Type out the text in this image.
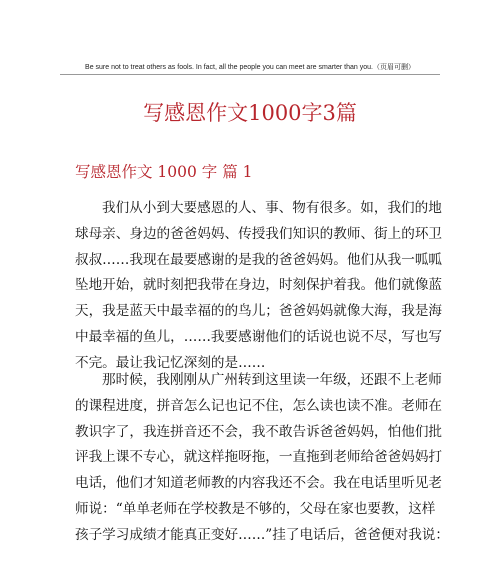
Be sure not to treat others as fools. In fact, all the people you can meet are smarter than you.（页眉可删）
写感恩作文1000字3篇
写感恩作文 1000 字 篇 1
我们从小到大要感恩的人、事、物有很多。如，我们的地
球母亲、身边的爸爸妈妈、传授我们知识的教师、街上的环卫
叔叔……我现在最要感谢的是我的爸爸妈妈。他们从我一呱呱
坠地开始，就时刻把我带在身边，时刻保护着我。他们就像蓝
天，我是蓝天中最幸福的的鸟儿；爸爸妈妈就像大海，我是海
中最幸福的鱼儿，……我要感谢他们的话说也说不尽，写也写
不完。最让我记忆深刻的是……
那时候，我刚刚从广州转到这里读一年级，还跟不上老师
的课程进度，拼音怎么记也记不住，怎么读也读不准。老师在
教识字了，我连拼音还不会，我不敢告诉爸爸妈妈，怕他们批
评我上课不专心，就这样拖呀拖，一直拖到老师给爸爸妈妈打
电话，他们才知道老师教的内容我还不会。我在电话里听见老
师说：“单单老师在学校教是不够的，父母在家也要教，这样
孩子学习成绩才能真正变好……”挂了电话后，爸爸便对我说：
